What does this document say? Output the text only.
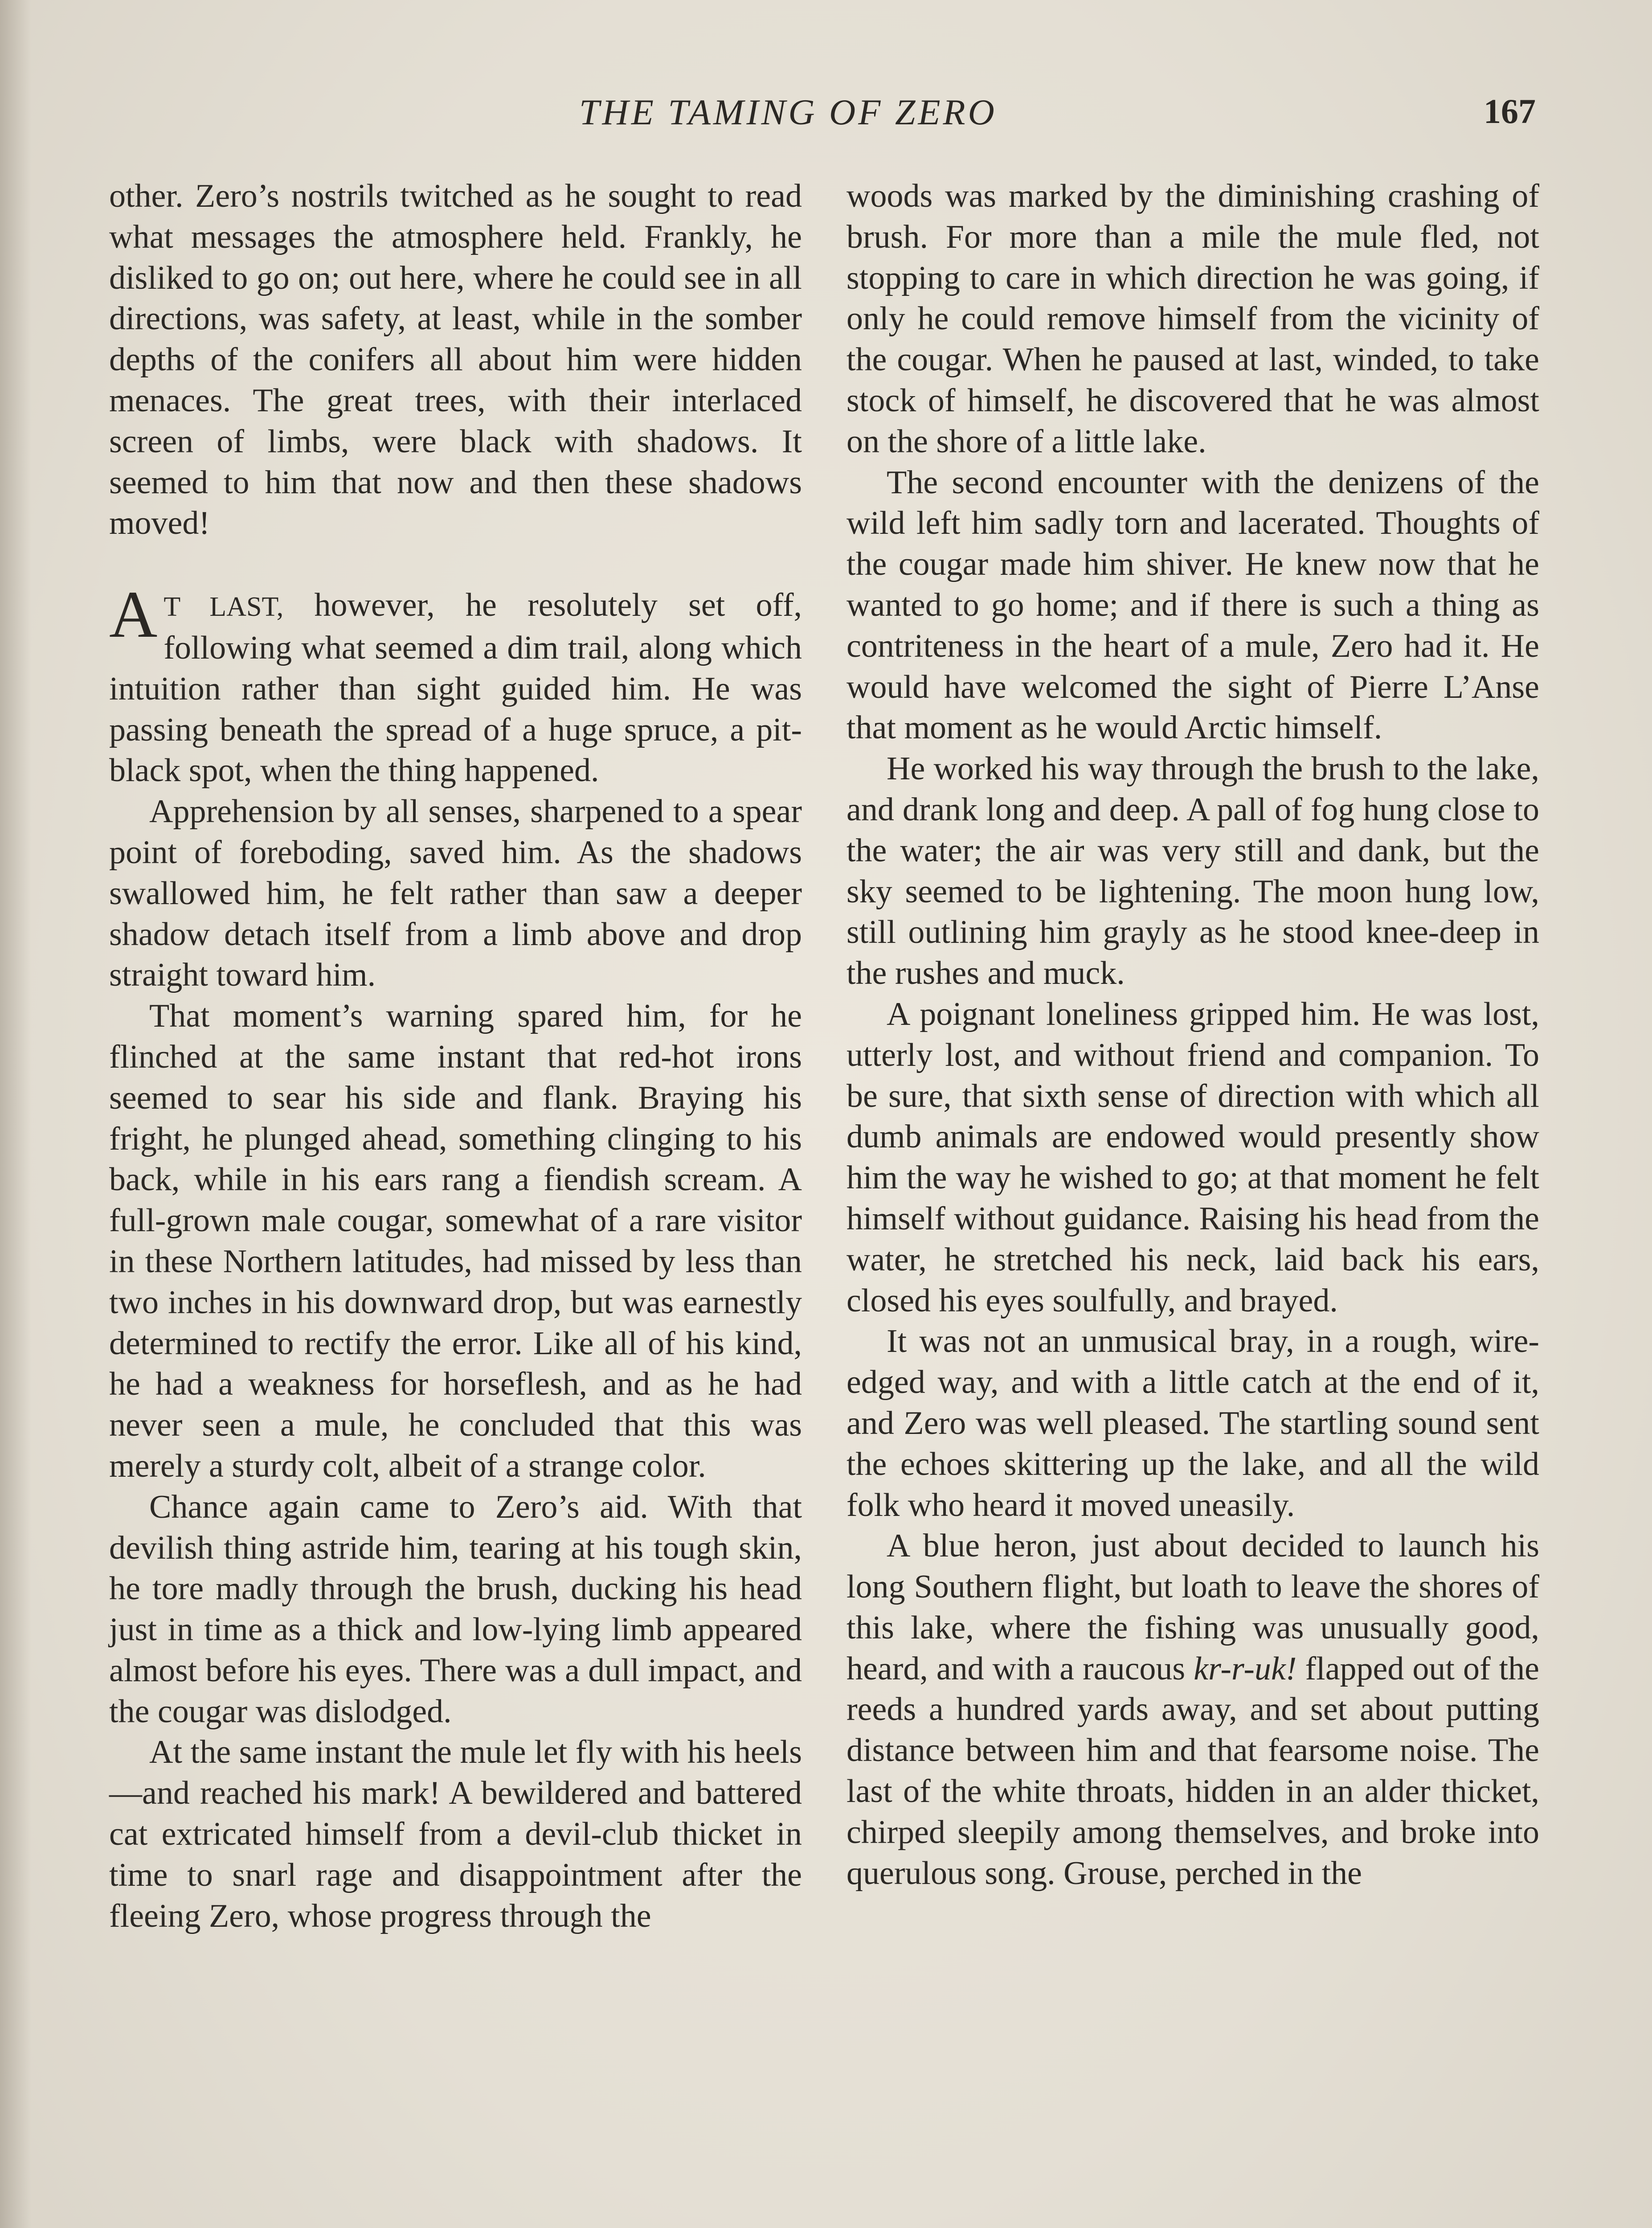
THE TAMING OF ZERO	167

other. Zero’s nostrils twitched as he sought to read what messages the atmosphere held. Frankly, he disliked to go on; out here, where he could see in all directions, was safety, at least, while in the somber depths of the conifers all about him were hidden menaces. The great trees, with their interlaced screen of limbs, were black with shadows. It seemed to him that now and then these shadows moved!

AT LAST, however, he resolutely set off, following what seemed a dim trail, along which intuition rather than sight guided him. He was passing beneath the spread of a huge spruce, a pit-black spot, when the thing happened.

Apprehension by all senses, sharpened to a spear point of foreboding, saved him. As the shadows swallowed him, he felt rather than saw a deeper shadow detach itself from a limb above and drop straight toward him.

That moment’s warning spared him, for he flinched at the same instant that red-hot irons seemed to sear his side and flank. Braying his fright, he plunged ahead, something clinging to his back, while in his ears rang a fiendish scream. A full-grown male cougar, somewhat of a rare visitor in these Northern latitudes, had missed by less than two inches in his downward drop, but was earnestly determined to rectify the error. Like all of his kind, he had a weakness for horseflesh, and as he had never seen a mule, he concluded that this was merely a sturdy colt, albeit of a strange color.

Chance again came to Zero’s aid. With that devilish thing astride him, tearing at his tough skin, he tore madly through the brush, ducking his head just in time as a thick and low-lying limb appeared almost before his eyes. There was a dull impact, and the cougar was dislodged.

At the same instant the mule let fly with his heels—and reached his mark! A bewildered and battered cat extricated himself from a devil-club thicket in time to snarl rage and disappointment after the fleeing Zero, whose progress through the

woods was marked by the diminishing crashing of brush. For more than a mile the mule fled, not stopping to care in which direction he was going, if only he could remove himself from the vicinity of the cougar. When he paused at last, winded, to take stock of himself, he discovered that he was almost on the shore of a little lake.

The second encounter with the denizens of the wild left him sadly torn and lacerated. Thoughts of the cougar made him shiver. He knew now that he wanted to go home; and if there is such a thing as contriteness in the heart of a mule, Zero had it. He would have welcomed the sight of Pierre L’Anse that moment as he would Arctic himself.

He worked his way through the brush to the lake, and drank long and deep. A pall of fog hung close to the water; the air was very still and dank, but the sky seemed to be lightening. The moon hung low, still outlining him grayly as he stood knee-deep in the rushes and muck.

A poignant loneliness gripped him. He was lost, utterly lost, and without friend and companion. To be sure, that sixth sense of direction with which all dumb animals are endowed would presently show him the way he wished to go; at that moment he felt himself without guidance. Raising his head from the water, he stretched his neck, laid back his ears, closed his eyes soulfully, and brayed.

It was not an unmusical bray, in a rough, wire-edged way, and with a little catch at the end of it, and Zero was well pleased. The startling sound sent the echoes skittering up the lake, and all the wild folk who heard it moved uneasily.

A blue heron, just about decided to launch his long Southern flight, but loath to leave the shores of this lake, where the fishing was unusually good, heard, and with a raucous kr-r-uk! flapped out of the reeds a hundred yards away, and set about putting distance between him and that fearsome noise. The last of the white throats, hidden in an alder thicket, chirped sleepily among themselves, and broke into querulous song. Grouse, perched in the
